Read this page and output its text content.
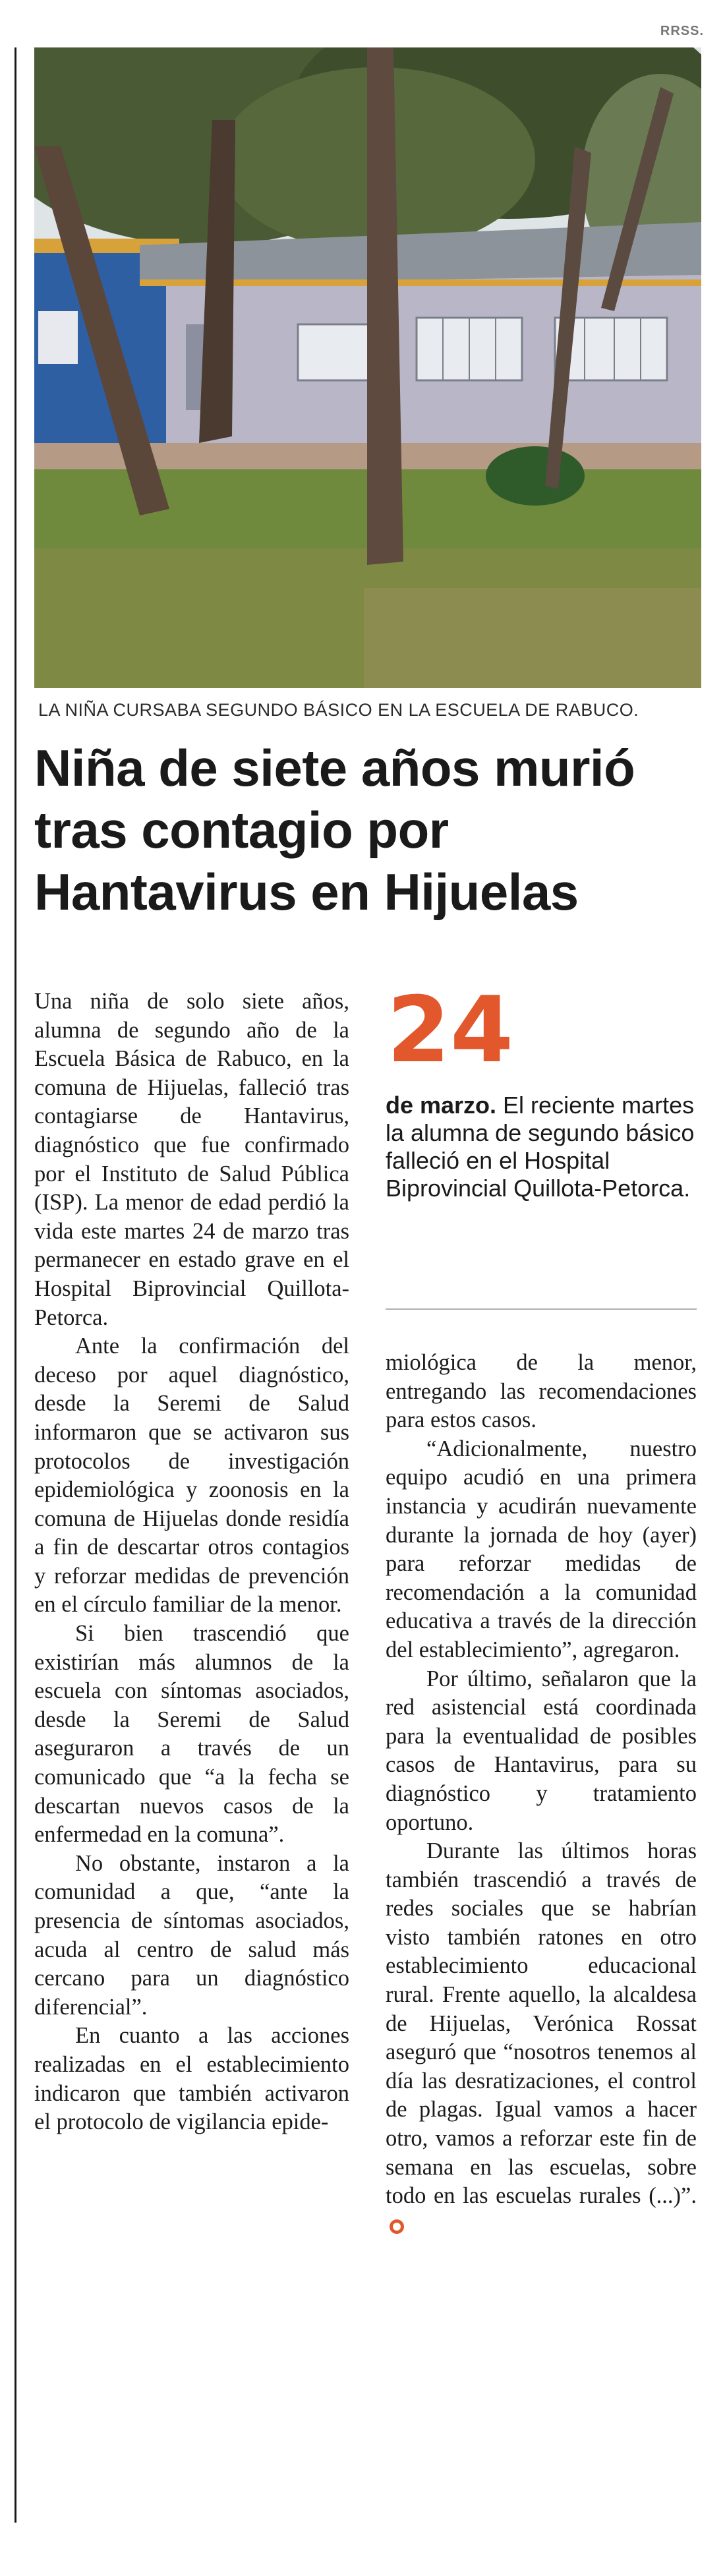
RRSS.
LA NIÑA CURSABA SEGUNDO BÁSICO EN LA ESCUELA DE RABUCO.
Niña de siete años murió tras contagio por Hantavirus en Hijuelas

Una niña de solo siete años, alumna de segundo año de la Escuela Básica de Rabuco, en la comuna de Hijuelas, falleció tras contagiarse de Hantavirus, diagnóstico que fue confirmado por el Instituto de Salud Pública (ISP). La menor de edad perdió la vida este martes 24 de marzo tras permanecer en estado grave en el Hospital Biprovincial Quillota-Petorca.

Ante la confirmación del deceso por aquel diagnóstico, desde la Seremi de Salud informaron que se activaron sus protocolos de investigación epidemiológica y zoonosis en la comuna de Hijuelas donde residía a fin de descartar otros contagios y reforzar medidas de prevención en el círculo familiar de la menor.

Si bien trascendió que existirían más alumnos de la escuela con síntomas asociados, desde la Seremi de Salud aseguraron a través de un comunicado que “a la fecha se descartan nuevos casos de la enfermedad en la comuna”.

No obstante, instaron a la comunidad a que, “ante la presencia de síntomas asociados, acuda al centro de salud más cercano para un diagnóstico diferencial”.

En cuanto a las acciones realizadas en el establecimiento indicaron que también activaron el protocolo de vigilancia epide-

24
de marzo. El reciente martes la alumna de segundo básico falleció en el Hospital Biprovincial Quillota-Petorca.

miológica de la menor, entregando las recomendaciones para estos casos.

“Adicionalmente, nuestro equipo acudió en una primera instancia y acudirán nuevamente durante la jornada de hoy (ayer) para reforzar medidas de recomendación a la comunidad educativa a través de la dirección del establecimiento”, agregaron.

Por último, señalaron que la red asistencial está coordinada para la eventualidad de posibles casos de Hantavirus, para su diagnóstico y tratamiento oportuno.

Durante las últimos horas también trascendió a través de redes sociales que se habrían visto también ratones en otro establecimiento educacional rural. Frente aquello, la alcaldesa de Hijuelas, Verónica Rossat aseguró que “nosotros tenemos al día las desratizaciones, el control de plagas. Igual vamos a hacer otro, vamos a reforzar este fin de semana en las escuelas, sobre todo en las escuelas rurales (...)”.
